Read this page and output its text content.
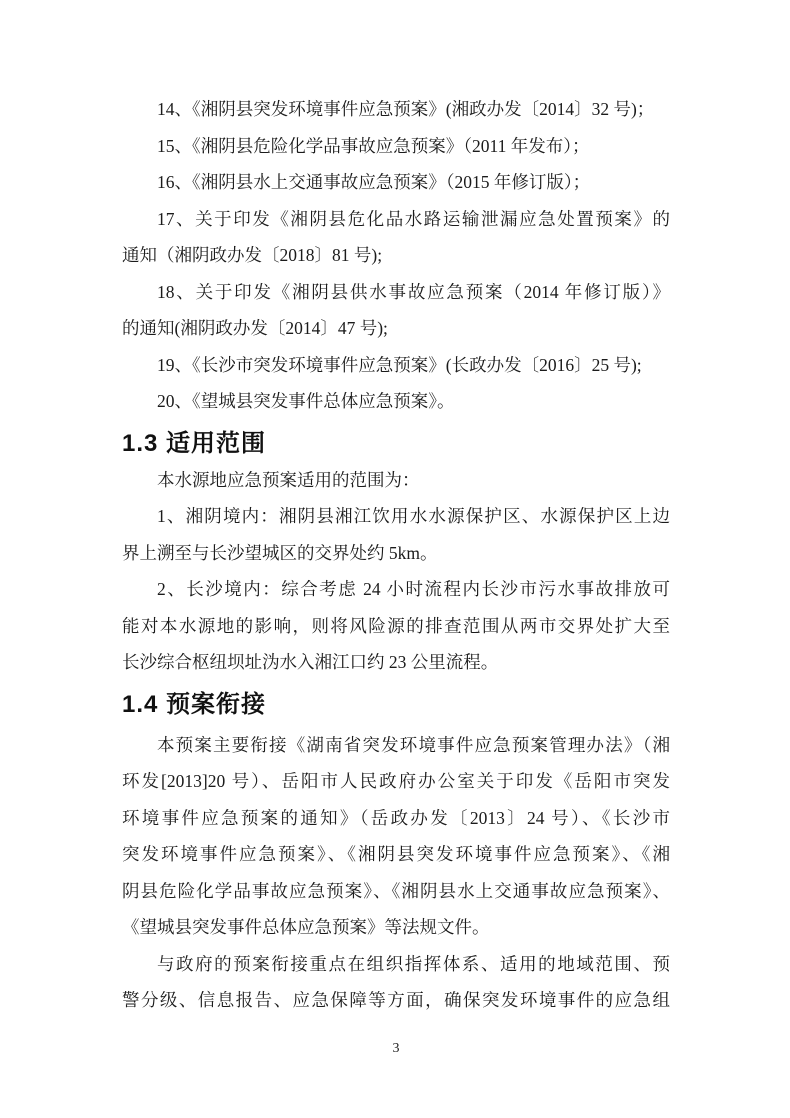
14、《湘阴县突发环境事件应急预案》(湘政办发〔2014〕32 号)；

15、《湘阴县危险化学品事故应急预案》（2011 年发布）；

16、《湘阴县水上交通事故应急预案》（2015 年修订版）；

17、关于印发《湘阴县危化品水路运输泄漏应急处置预案》的

通知（湘阴政办发〔2018〕81 号);

18、关于印发《湘阴县供水事故应急预案（2014 年修订版）》

的通知(湘阴政办发〔2014〕47 号);

19、《长沙市突发环境事件应急预案》(长政办发〔2016〕25 号);

20、《望城县突发事件总体应急预案》。

1.3 适用范围

本水源地应急预案适用的范围为：

1、湘阴境内：湘阴县湘江饮用水水源保护区、水源保护区上边

界上溯至与长沙望城区的交界处约 5km。

2、长沙境内：综合考虑 24 小时流程内长沙市污水事故排放可

能对本水源地的影响，则将风险源的排查范围从两市交界处扩大至

长沙综合枢纽坝址沩水入湘江口约 23 公里流程。

1.4 预案衔接

本预案主要衔接《湖南省突发环境事件应急预案管理办法》（湘

环发[2013]20 号）、岳阳市人民政府办公室关于印发《岳阳市突发

环境事件应急预案的通知》（岳政办发〔2013〕24 号）、《长沙市

突发环境事件应急预案》、《湘阴县突发环境事件应急预案》、《湘

阴县危险化学品事故应急预案》、《湘阴县水上交通事故应急预案》、

《望城县突发事件总体应急预案》等法规文件。

与政府的预案衔接重点在组织指挥体系、适用的地域范围、预

警分级、信息报告、应急保障等方面，确保突发环境事件的应急组

3
